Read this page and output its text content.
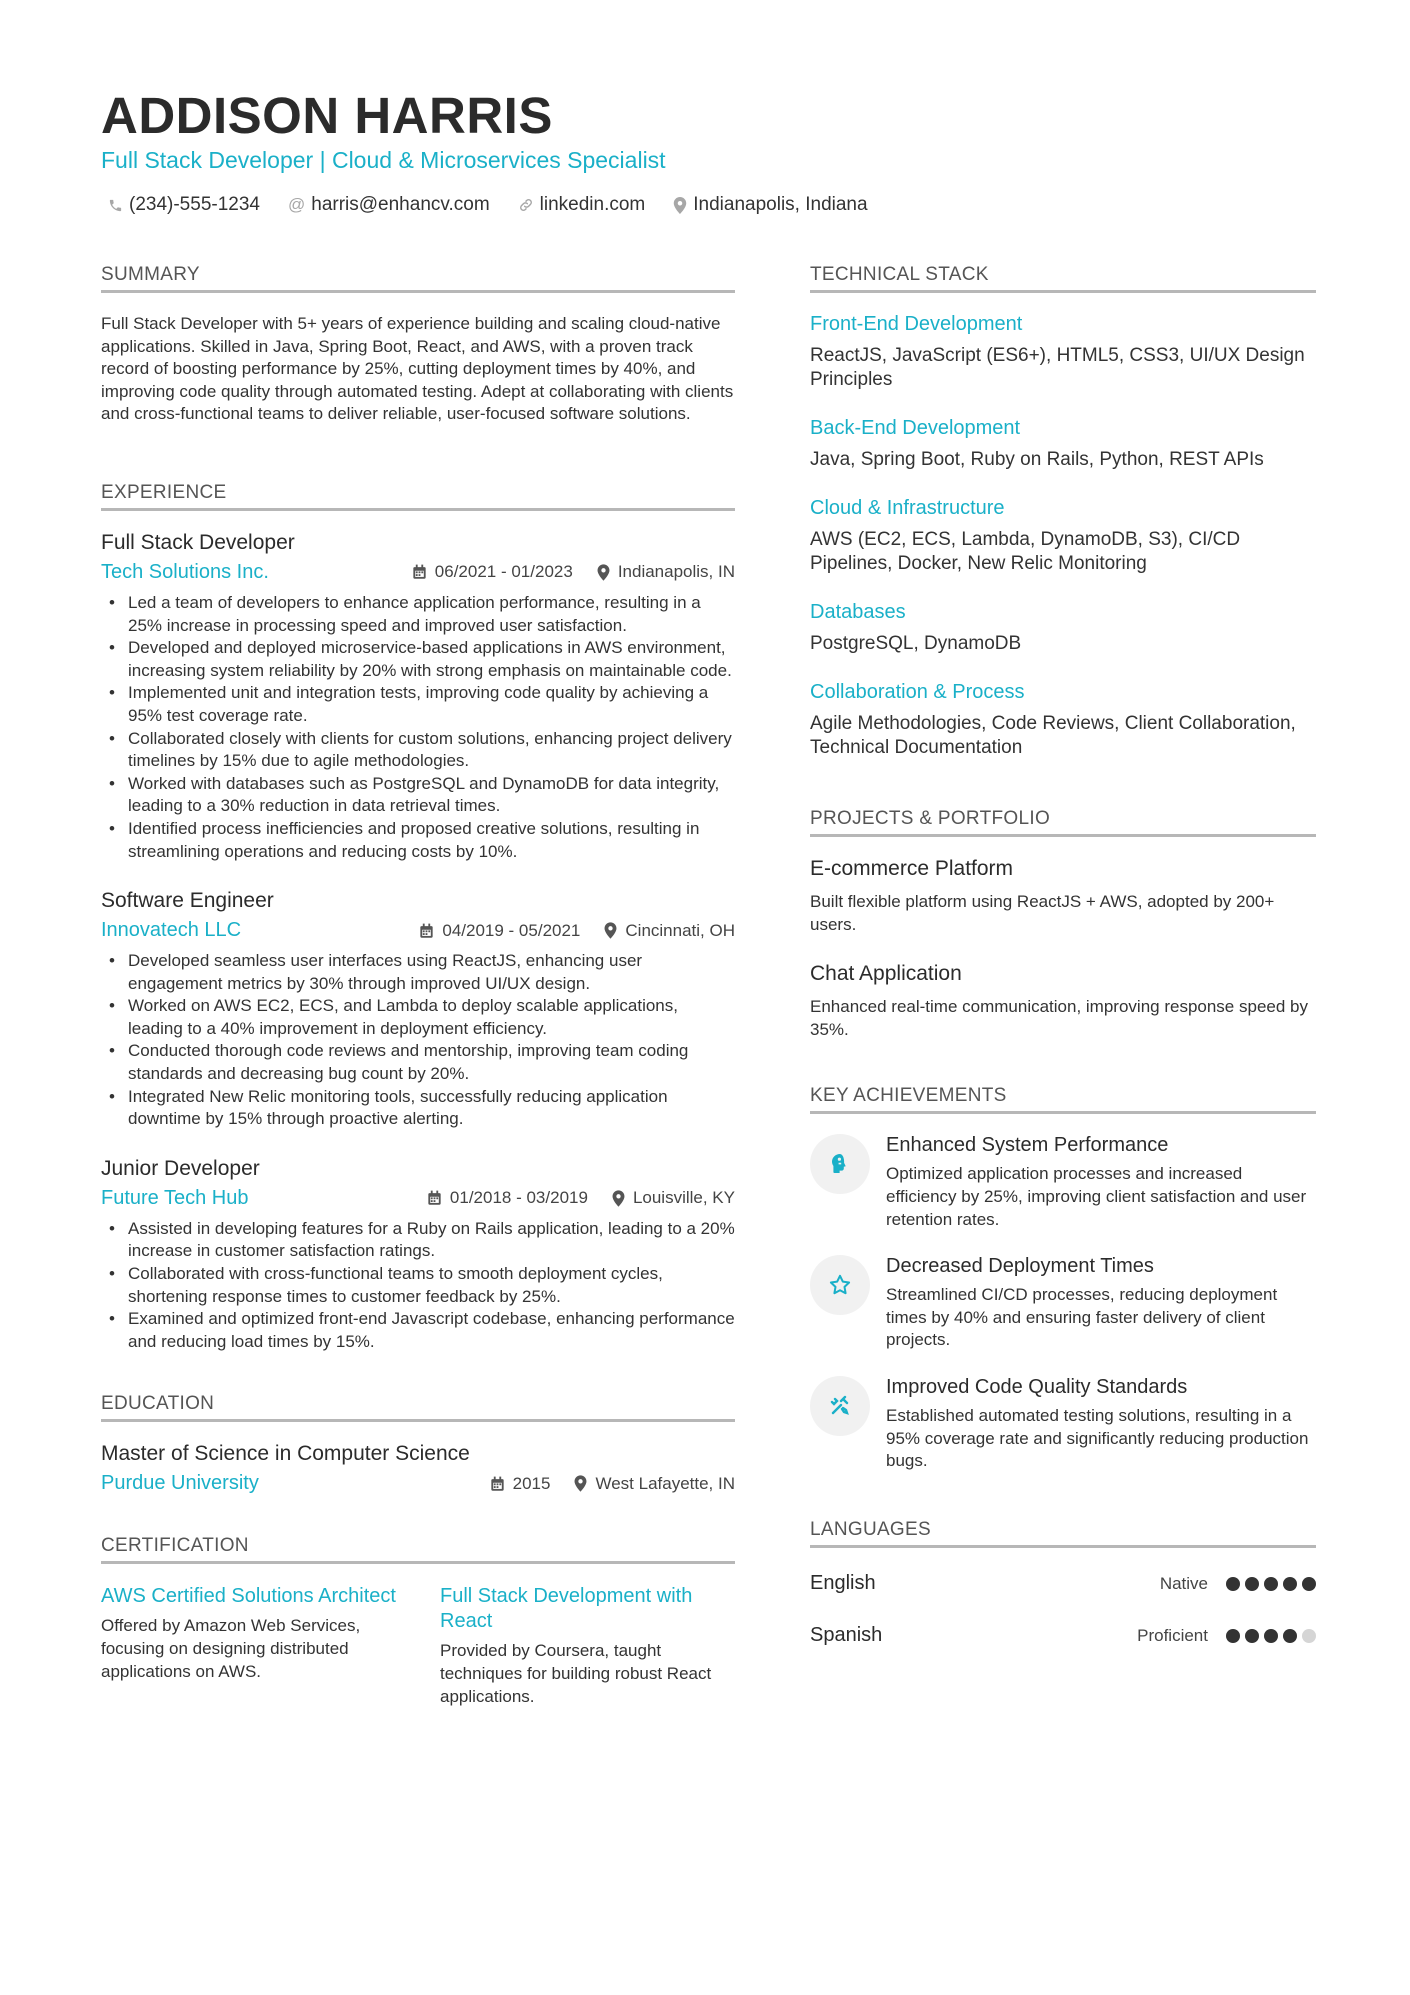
ADDISON HARRIS
Full Stack Developer | Cloud & Microservices Specialist
(234)-555-1234 @ harris@enhancv.com	linkedin.com	Indianapolis, Indiana
SUMMARY

Full Stack Developer with 5+ years of experience building and scaling cloud-native applications. Skilled in Java, Spring Boot, React, and AWS, with a proven track record of boosting performance by 25%, cutting deployment times by 40%, and improving code quality through automated testing. Adept at collaborating with clients and cross-functional teams to deliver reliable, user-focused software solutions.

EXPERIENCE
Full Stack Developer
Tech Solutions Inc.	06/2021 - 01/2023	Indianapolis, IN
• Led a team of developers to enhance application performance, resulting in a 25% increase in processing speed and improved user satisfaction.
• Developed and deployed microservice-based applications in AWS environment, increasing system reliability by 20% with strong emphasis on maintainable code.
• Implemented unit and integration tests, improving code quality by achieving a 95% test coverage rate.
• Collaborated closely with clients for custom solutions, enhancing project delivery timelines by 15% due to agile methodologies.
• Worked with databases such as PostgreSQL and DynamoDB for data integrity, leading to a 30% reduction in data retrieval times.
• Identified process inefficiencies and proposed creative solutions, resulting in streamlining operations and reducing costs by 10%.
Software Engineer
Innovatech LLC	04/2019 - 05/2021	Cincinnati, OH
• Developed seamless user interfaces using ReactJS, enhancing user engagement metrics by 30% through improved UI/UX design.
• Worked on AWS EC2, ECS, and Lambda to deploy scalable applications, leading to a 40% improvement in deployment efficiency.
• Conducted thorough code reviews and mentorship, improving team coding standards and decreasing bug count by 20%.
• Integrated New Relic monitoring tools, successfully reducing application downtime by 15% through proactive alerting.
Junior Developer
Future Tech Hub	01/2018 - 03/2019	Louisville, KY
• Assisted in developing features for a Ruby on Rails application, leading to a 20% increase in customer satisfaction ratings.
• Collaborated with cross-functional teams to smooth deployment cycles, shortening response times to customer feedback by 25%.
• Examined and optimized front-end Javascript codebase, enhancing performance and reducing load times by 15%.
EDUCATION
Master of Science in Computer Science
Purdue University	2015	West Lafayette, IN
CERTIFICATION
AWS Certified Solutions Architect
Offered by Amazon Web Services, focusing on designing distributed applications on AWS.
Full Stack Development with React
Provided by Coursera, taught techniques for building robust React applications.
TECHNICAL STACK
Front-End Development
ReactJS, JavaScript (ES6+), HTML5, CSS3, UI/UX Design Principles
Back-End Development
Java, Spring Boot, Ruby on Rails, Python, REST APIs
Cloud & Infrastructure
AWS (EC2, ECS, Lambda, DynamoDB, S3), CI/CD Pipelines, Docker, New Relic Monitoring
Databases
PostgreSQL, DynamoDB
Collaboration & Process
Agile Methodologies, Code Reviews, Client Collaboration, Technical Documentation
PROJECTS & PORTFOLIO
E-commerce Platform
Built flexible platform using ReactJS + AWS, adopted by 200+ users.
Chat Application
Enhanced real-time communication, improving response speed by 35%.
KEY ACHIEVEMENTS
Enhanced System Performance
Optimized application processes and increased efficiency by 25%, improving client satisfaction and user retention rates.
Decreased Deployment Times
Streamlined CI/CD processes, reducing deployment times by 40% and ensuring faster delivery of client projects.
Improved Code Quality Standards
Established automated testing solutions, resulting in a 95% coverage rate and significantly reducing production bugs.
LANGUAGES
English	Native
Spanish	Proficient
